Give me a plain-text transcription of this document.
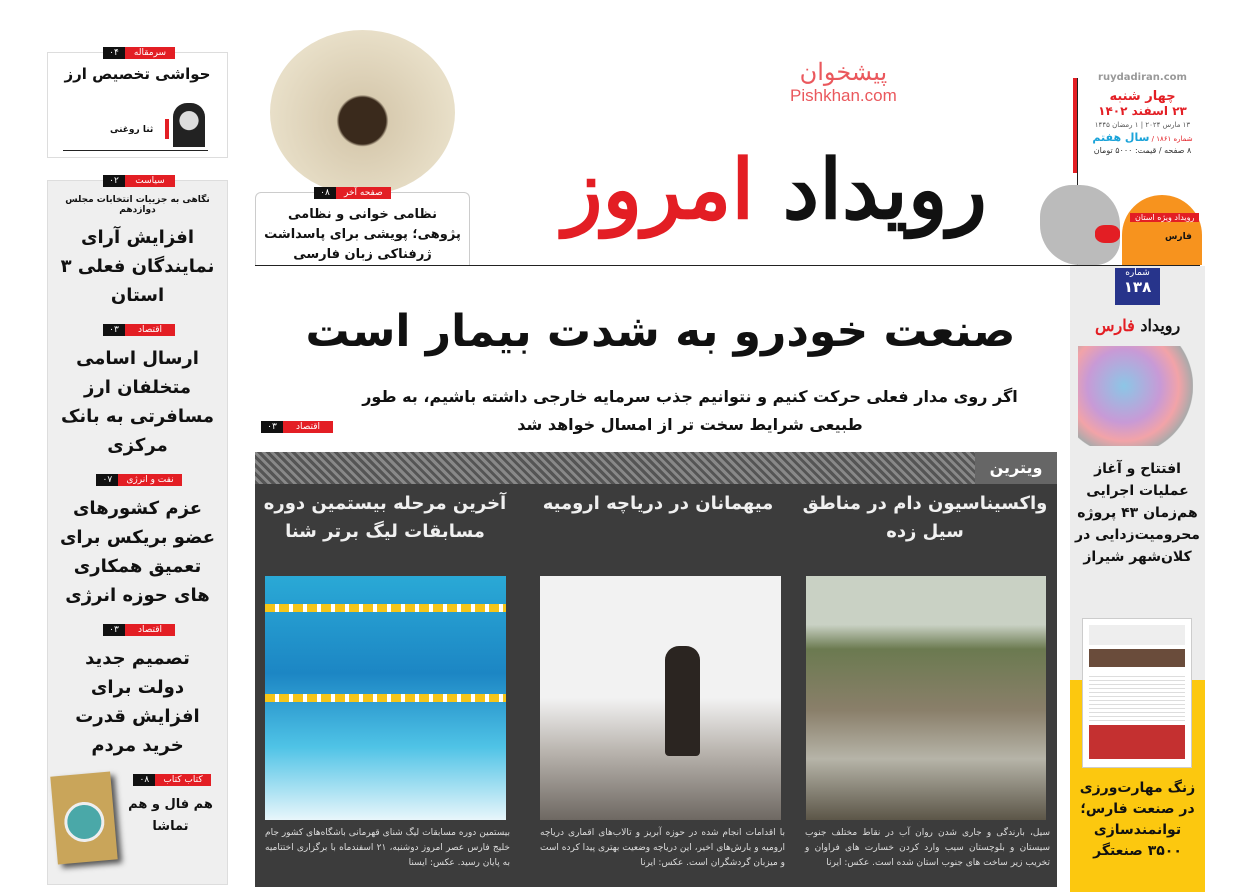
سرمقاله
۰۴
حواشی تخصیص ارز
ثنا روغنی
سیاست
۰۲
نگاهی به جزییات انتخابات مجلس دوازدهم
افزایش آرای نمایندگان فعلی ۳ استان
اقتصاد
۰۳
ارسال اسامی متخلفان ارز مسافرتی به بانک مرکزی
نفت و انرژی
۰۷
عزم کشورهای عضو بریکس برای تعمیق همکاری های حوزه انرژی
اقتصاد
۰۳
تصمیم جدید دولت برای افزایش قدرت خرید مردم
کتاب کتاب
۰۸
هم فال و هم تماشا
صفحه آخر
۰۸
نظامی خوانی و نظامی پژوهی؛ پویشی برای پاسداشت ژرفناکی زبان فارسی
رویداد امروز
پیشخوان
Pishkhan.com
ruydadiran.com
چهار شنبه
۲۳ اسفند ۱۴۰۲
۱۳ مارس ۲۰۲۴ | ۱ رمضان ۱۴۴۵
شماره ۱۸۶۱ / سال هفتم
۸ صفحه / قیمت: ۵۰۰۰ تومان
رویداد ویژه استان
فارس
صنعت خودرو به شدت بیمار است
اگر روی مدار فعلی حرکت کنیم و نتوانیم جذب سرمایه خارجی داشته باشیم، به طور طبیعی شرایط سخت تر از امسال خواهد شد
اقتصاد
۰۳
ویترین
واکسیناسیون دام در مناطق سیل زده
سیل، بارندگی و جاری شدن روان آب در نقاط مختلف جنوب سیستان و بلوچستان سیب وارد کردن خسارت های فراوان و تخریب زیر ساخت های جنوب استان شده است. عکس: ایرنا
میهمانان در دریاچه ارومیه
با اقدامات انجام شده در حوزه آبریز و تالاب‌های اقماری دریاچه ارومیه و بارش‌های اخیر، این دریاچه وضعیت بهتری پیدا کرده است و میزبان گردشگران است. عکس: ایرنا
آخرین مرحله بیستمین دوره مسابقات لیگ برتر شنا
بیستمین دوره مسابقات لیگ شنای قهرمانی باشگاه‌های کشور جام خلیج فارس عصر امروز دوشنبه، ۲۱ اسفندماه با برگزاری اختتامیه به پایان رسید. عکس: ایسنا
شماره
۱۳۸
رویداد فارس
افتتاح و آغاز عملیات اجرایی هم‌زمان ۴۳ پروژه محرومیت‌زدایی در کلان‌شهر شیراز
زنگ مهارت‌ورزی در صنعت فارس؛ توانمندسازی ۳۵۰۰ صنعتگر
